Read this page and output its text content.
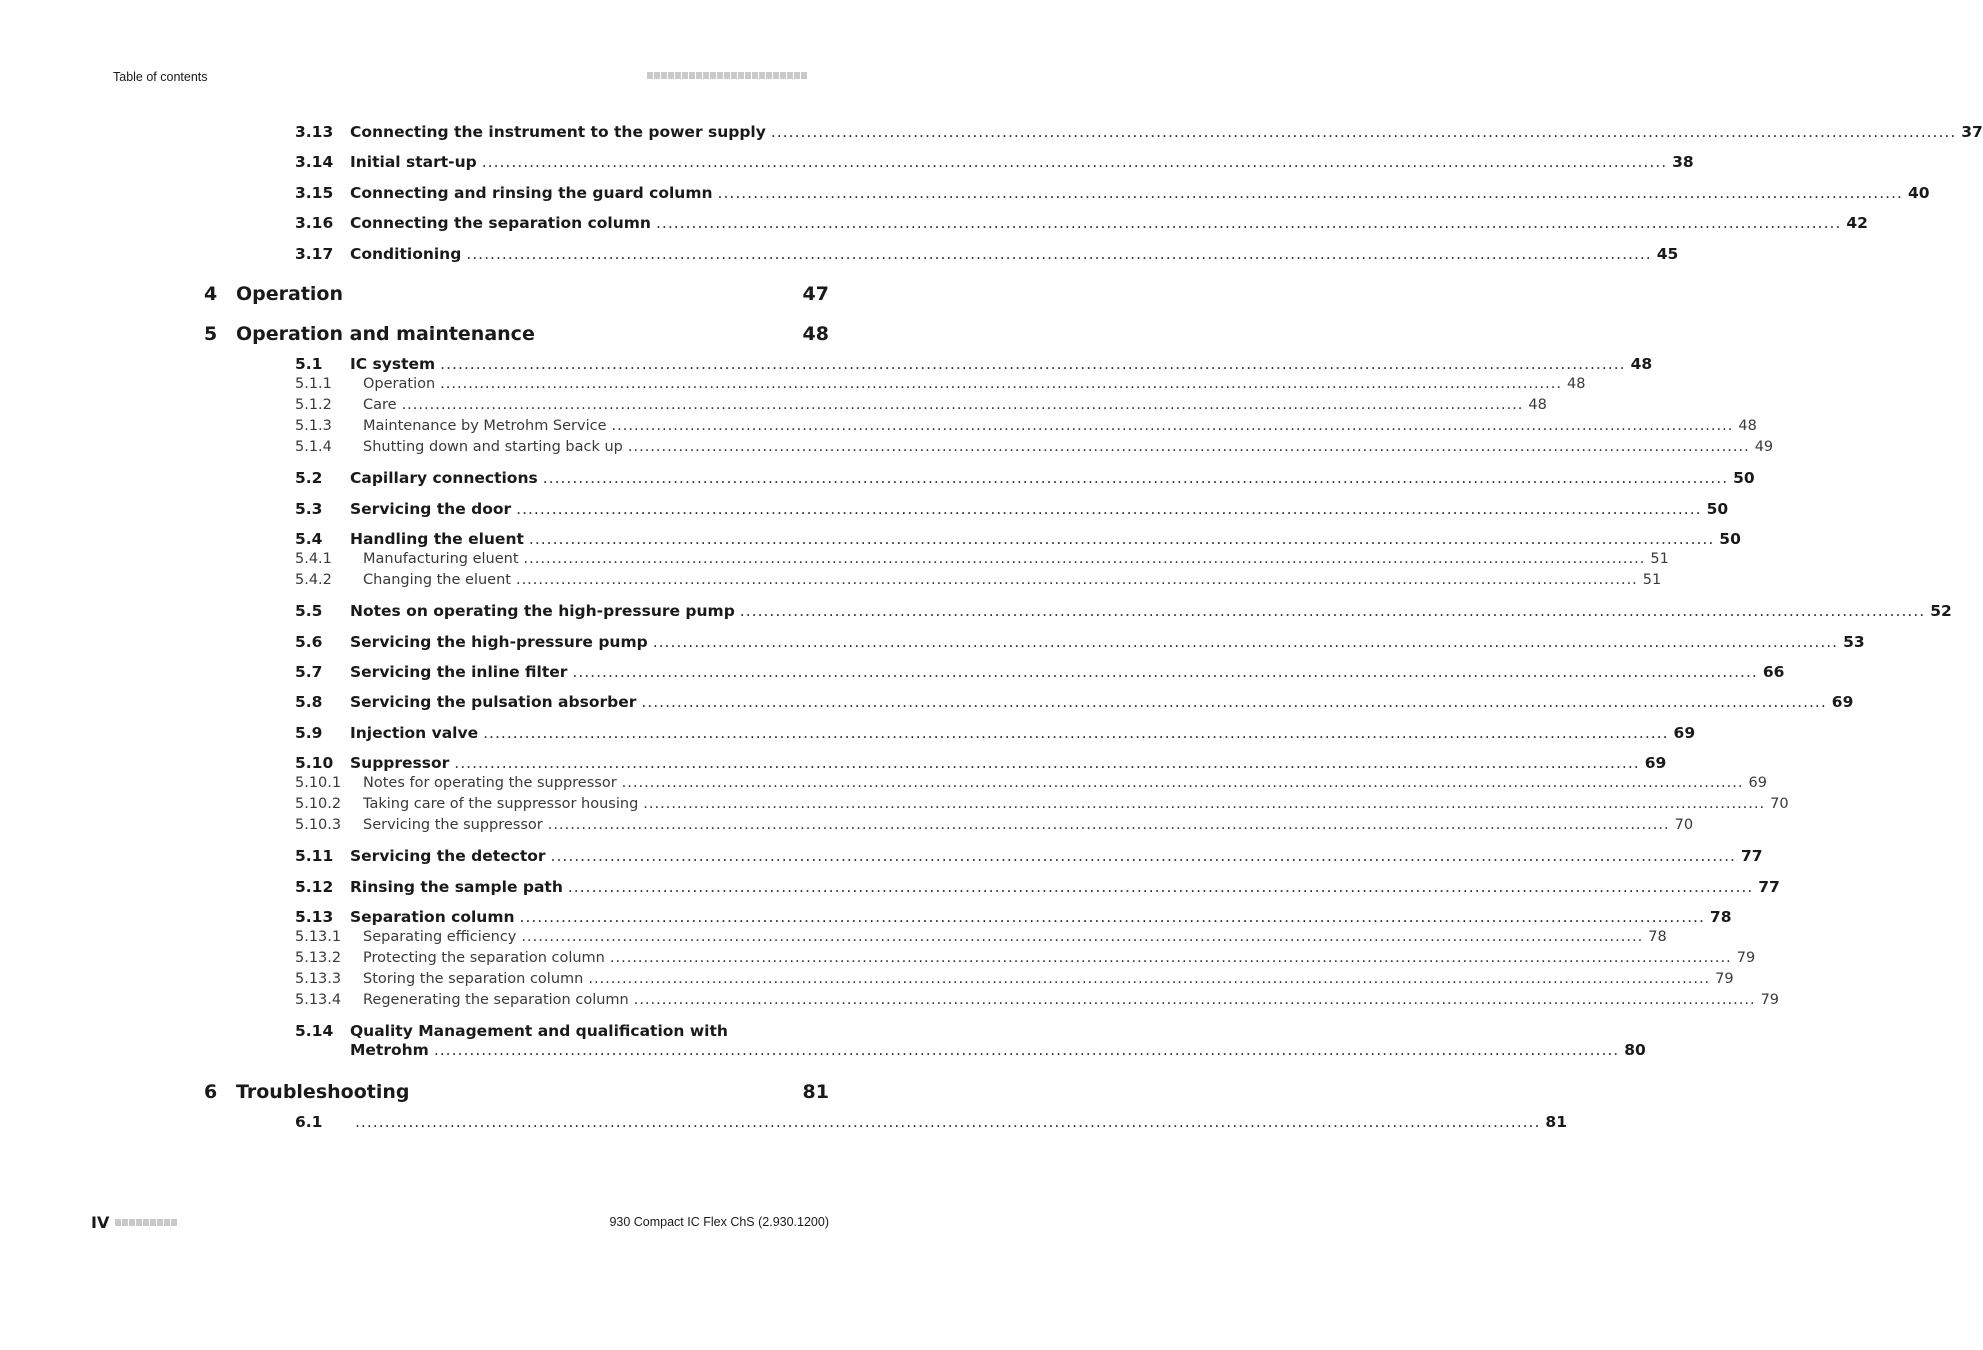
Table of contents
3.13 Connecting the instrument to the power supply ........................................................................................................................................................................................................ 37
3.14 Initial start-up ........................................................................................................................................................................................................ 38
3.15 Connecting and rinsing the guard column ........................................................................................................................................................................................................ 40
3.16 Connecting the separation column ........................................................................................................................................................................................................ 42
3.17 Conditioning ........................................................................................................................................................................................................ 45
4 Operation	47
5 Operation and maintenance	48
5.1 IC system ........................................................................................................................................................................................................ 48
5.1.1 Operation ........................................................................................................................................................................................................ 48
5.1.2 Care ........................................................................................................................................................................................................ 48
5.1.3 Maintenance by Metrohm Service ........................................................................................................................................................................................................ 48
5.1.4 Shutting down and starting back up ........................................................................................................................................................................................................ 49
5.2 Capillary connections ........................................................................................................................................................................................................ 50
5.3 Servicing the door ........................................................................................................................................................................................................ 50
5.4 Handling the eluent ........................................................................................................................................................................................................ 50
5.4.1 Manufacturing eluent ........................................................................................................................................................................................................ 51
5.4.2 Changing the eluent ........................................................................................................................................................................................................ 51
5.5 Notes on operating the high-pressure pump ........................................................................................................................................................................................................ 52
5.6 Servicing the high-pressure pump ........................................................................................................................................................................................................ 53
5.7 Servicing the inline filter ........................................................................................................................................................................................................ 66
5.8 Servicing the pulsation absorber ........................................................................................................................................................................................................ 69
5.9 Injection valve ........................................................................................................................................................................................................ 69
5.10 Suppressor ........................................................................................................................................................................................................ 69
5.10.1 Notes for operating the suppressor ........................................................................................................................................................................................................ 69
5.10.2 Taking care of the suppressor housing ........................................................................................................................................................................................................ 70
5.10.3 Servicing the suppressor ........................................................................................................................................................................................................ 70
5.11 Servicing the detector ........................................................................................................................................................................................................ 77
5.12 Rinsing the sample path ........................................................................................................................................................................................................ 77
5.13 Separation column ........................................................................................................................................................................................................ 78
5.13.1 Separating efficiency ........................................................................................................................................................................................................ 78
5.13.2 Protecting the separation column ........................................................................................................................................................................................................ 79
5.13.3 Storing the separation column ........................................................................................................................................................................................................ 79
5.13.4 Regenerating the separation column ........................................................................................................................................................................................................ 79
5.14 Quality Management and qualification with
Metrohm ........................................................................................................................................................................................................ 80
6 Troubleshooting	81
6.1 ........................................................................................................................................................................................................ 81
IV	930 Compact IC Flex ChS (2.930.1200)
